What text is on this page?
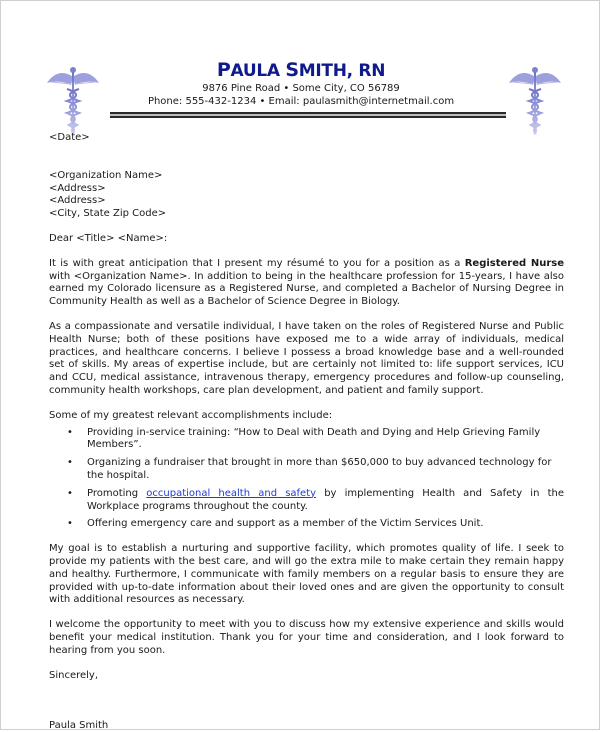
PAULA SMITH, RN
9876 Pine Road • Some City, CO 56789
Phone: 555-432-1234 • Email: paulasmith@internetmail.com

<Date>

<Organization Name>

<Address>

<Address>

<City, State Zip Code>

Dear <Title> <Name>:

It is with great anticipation that I present my résumé to you for a position as a Registered Nurse with <Organization Name>. In addition to being in the healthcare profession for 15-years, I have also earned my Colorado licensure as a Registered Nurse, and completed a Bachelor of Nursing Degree in Community Health as well as a Bachelor of Science Degree in Biology.

As a compassionate and versatile individual, I have taken on the roles of Registered Nurse and Public Health Nurse; both of these positions have exposed me to a wide array of individuals, medical practices, and healthcare concerns. I believe I possess a broad knowledge base and a well-rounded set of skills. My areas of expertise include, but are certainly not limited to: life support services, ICU and CCU, medical assistance, intravenous therapy, emergency procedures and follow-up counseling, community health workshops, care plan development, and patient and family support.

Some of my greatest relevant accomplishments include:

• Providing in-service training: “How to Deal with Death and Dying and Help Grieving Family Members”.
• Organizing a fundraiser that brought in more than $650,000 to buy advanced technology for the hospital.
• Promoting occupational health and safety by implementing Health and Safety in the Workplace programs throughout the county.
• Offering emergency care and support as a member of the Victim Services Unit.

My goal is to establish a nurturing and supportive facility, which promotes quality of life. I seek to provide my patients with the best care, and will go the extra mile to make certain they remain happy and healthy. Furthermore, I communicate with family members on a regular basis to ensure they are provided with up-to-date information about their loved ones and are given the opportunity to consult with additional resources as necessary.

I welcome the opportunity to meet with you to discuss how my extensive experience and skills would benefit your medical institution. Thank you for your time and consideration, and I look forward to hearing from you soon.

Sincerely,

Paula Smith
